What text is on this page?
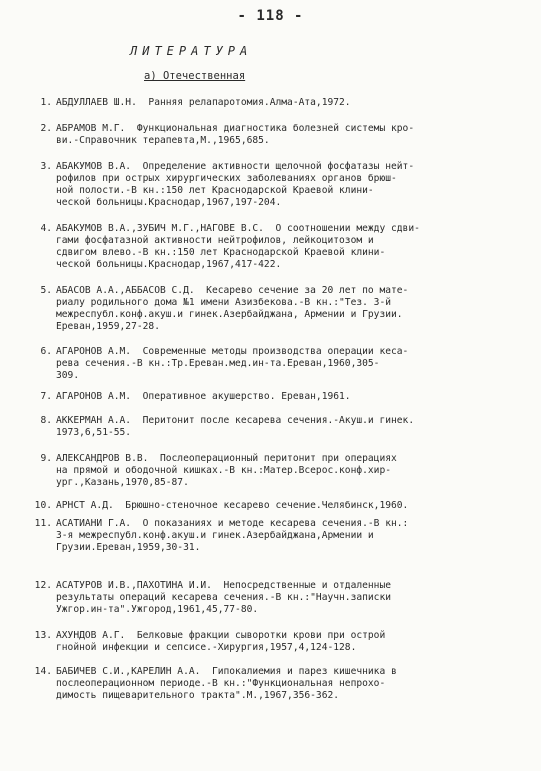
- 118 -
ЛИТЕРАТУРА
а) Отечественная
1. АБДУЛЛАЕВ Ш.Н.  Ранняя релапаротомия.Алма-Ата,1972.
2. АБРАМОВ М.Г.  Функциональная диагностика болезней системы кро-
ви.-Справочник терапевта,М.,1965,685.
3. АБАКУМОВ В.А.  Определение активности щелочной фосфатазы нейт-
рофилов при острых хирургических заболеваниях органов брюш-
ной полости.-В кн.:150 лет Краснодарской Краевой клини-
ческой больницы.Краснодар,1967,197-204.
4. АБАКУМОВ В.А.,ЗУБИЧ М.Г.,НАГОВЕ В.С.  О соотношении между сдви-
гами фосфатазной активности нейтрофилов, лейкоцитозом и
сдвигом влево.-В кн.:150 лет Краснодарской Краевой клини-
ческой больницы.Краснодар,1967,417-422.
5. АБАСОВ А.А.,АББАСОВ С.Д.  Кесарево сечение за 20 лет по мате-
риалу родильного дома №1 имени Азизбекова.-В кн.:"Тез. 3-й
межреспубл.конф.акуш.и гинек.Азербайджана, Армении и Грузии.
Ереван,1959,27-28.
6. АГАРОНОВ А.М.  Современные методы производства операции кеса-
рева сечения.-В кн.:Тр.Ереван.мед.ин-та.Ереван,1960,305-
309.
7. АГАРОНОВ А.М.  Оперативное акушерство. Ереван,1961.
8. АККЕРМАН А.А.  Перитонит после кесарева сечения.-Акуш.и гинек.
1973,6,51-55.
9. АЛЕКСАНДРОВ В.В.  Послеоперационный перитонит при операциях
на прямой и ободочной кишках.-В кн.:Матер.Всерос.конф.хир-
ург.,Казань,1970,85-87.
10. АРНСТ А.Д.  Брюшно-стеночное кесарево сечение.Челябинск,1960.
11. АСАТИАНИ Г.А.  О показаниях и методе кесарева сечения.-В кн.:
3-я межреспубл.конф.акуш.и гинек.Азербайджана,Армении и
Грузии.Ереван,1959,30-31.
12. АСАТУРОВ И.В.,ПАХОТИНА И.И.  Непосредственные и отдаленные
результаты операций кесарева сечения.-В кн.:"Научн.записки
Ужгор.ин-та".Ужгород,1961,45,77-80.
13. АХУНДОВ А.Г.  Белковые фракции сыворотки крови при острой
гнойной инфекции и сепсисе.-Хирургия,1957,4,124-128.
14. БАБИЧЕВ С.И.,КАРЕЛИН А.А.  Гипокалиемия и парез кишечника в
послеоперационном периоде.-В кн.:"Функциональная непрохо-
димость пищеварительного тракта".М.,1967,356-362.
